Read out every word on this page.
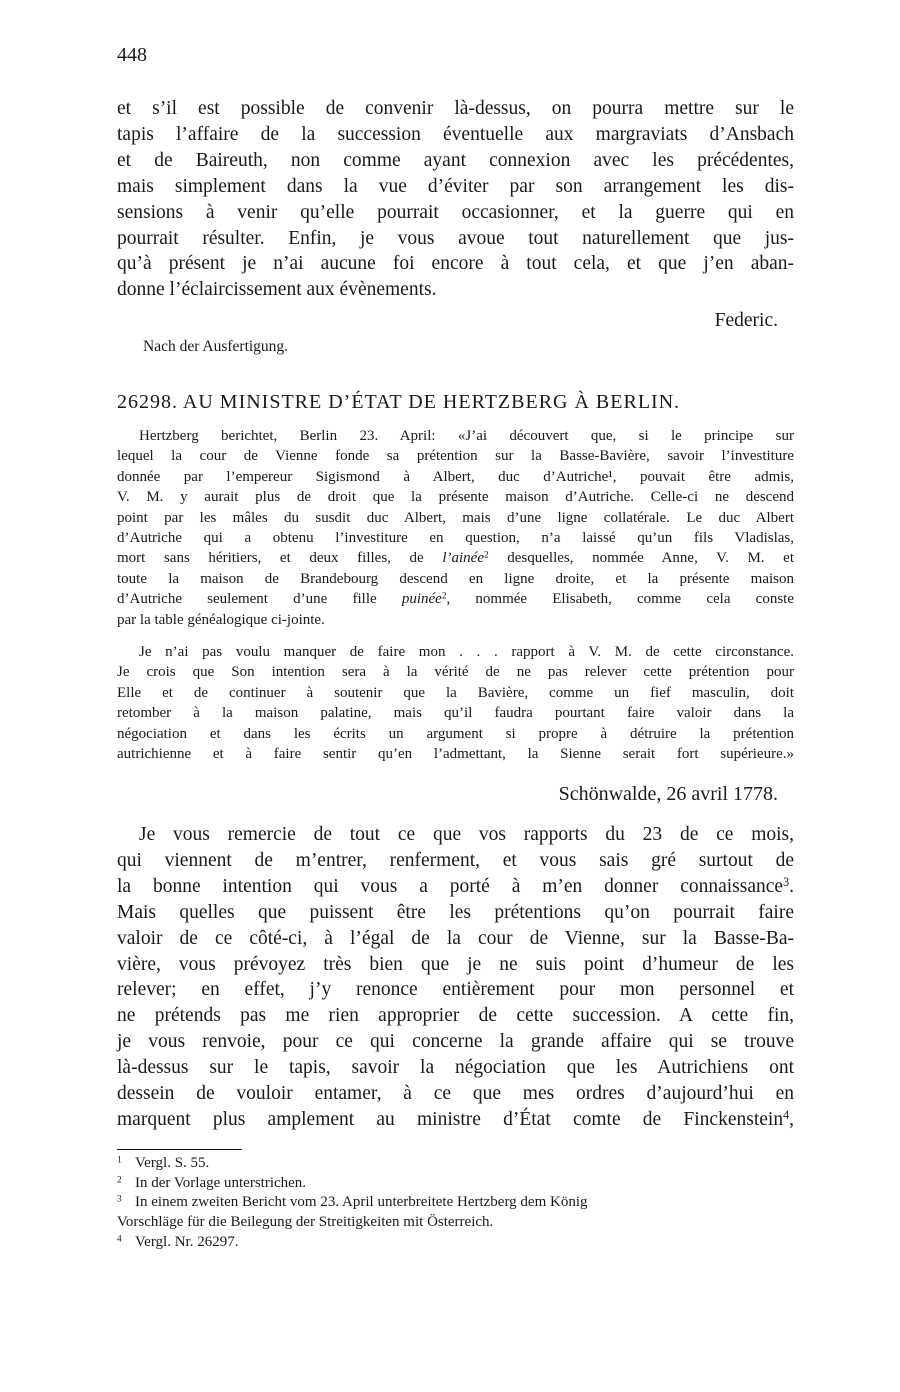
448
et s’il est possible de convenir là-dessus, on pourra mettre sur le
tapis l’affaire de la succession éventuelle aux margraviats d’Ansbach
et de Baireuth, non comme ayant connexion avec les précédentes,
mais simplement dans la vue d’éviter par son arrangement les dis-
sensions à venir qu’elle pourrait occasionner, et la guerre qui en
pourrait résulter. Enfin, je vous avoue tout naturellement que jus-
qu’à présent je n’ai aucune foi encore à tout cela, et que j’en aban-
donne l’éclaircissement aux évènements.
Federic.
Nach der Ausfertigung.
26298. AU MINISTRE D’ÉTAT DE HERTZBERG À BERLIN.
Hertzberg berichtet, Berlin 23. April: «J’ai découvert que, si le principe sur
lequel la cour de Vienne fonde sa prétention sur la Basse-Bavière, savoir l’investiture
donnée par l’empereur Sigismond à Albert, duc d’Autriche¹, pouvait être admis,
V. M. y aurait plus de droit que la présente maison d’Autriche. Celle-ci ne descend
point par les mâles du susdit duc Albert, mais d’une ligne collatérale. Le duc Albert
d’Autriche qui a obtenu l’investiture en question, n’a laissé qu’un fils Vladislas,
mort sans héritiers, et deux filles, de l’ainée$^2$ desquelles, nommée Anne, V. M. et
toute la maison de Brandebourg descend en ligne droite, et la présente maison
d’Autriche seulement d’une fille puinée$^2$, nommée Elisabeth, comme cela conste
par la table généalogique ci-jointe.
Je n’ai pas voulu manquer de faire mon . . . rapport à V. M. de cette circonstance.
Je crois que Son intention sera à la vérité de ne pas relever cette prétention pour
Elle et de continuer à soutenir que la Bavière, comme un fief masculin, doit
retomber à la maison palatine, mais qu’il faudra pourtant faire valoir dans la
négociation et dans les écrits un argument si propre à détruire la prétention
autrichienne et à faire sentir qu’en l’admettant, la Sienne serait fort supérieure.»
Schönwalde, 26 avril 1778.
Je vous remercie de tout ce que vos rapports du 23 de ce mois,
qui viennent de m’entrer, renferment, et vous sais gré surtout de
la bonne intention qui vous a porté à m’en donner connaissance$^3$.
Mais quelles que puissent être les prétentions qu’on pourrait faire
valoir de ce côté-ci, à l’égal de la cour de Vienne, sur la Basse-Ba-
vière, vous prévoyez très bien que je ne suis point d’humeur de les
relever; en effet, j’y renonce entièrement pour mon personnel et
ne prétends pas me rien approprier de cette succession. A cette fin,
je vous renvoie, pour ce qui concerne la grande affaire qui se trouve
là-dessus sur le tapis, savoir la négociation que les Autrichiens ont
dessein de vouloir entamer, à ce que mes ordres d’aujourd’hui en
marquent plus amplement au ministre d’État comte de Finckenstein$^4$,
$^1$ Vergl. S. 55.
$^2$ In der Vorlage unterstrichen.
$^3$ In einem zweiten Bericht vom 23. April unterbreitete Hertzberg dem König
Vorschläge für die Beilegung der Streitigkeiten mit Österreich.
$^4$ Vergl. Nr. 26297.
